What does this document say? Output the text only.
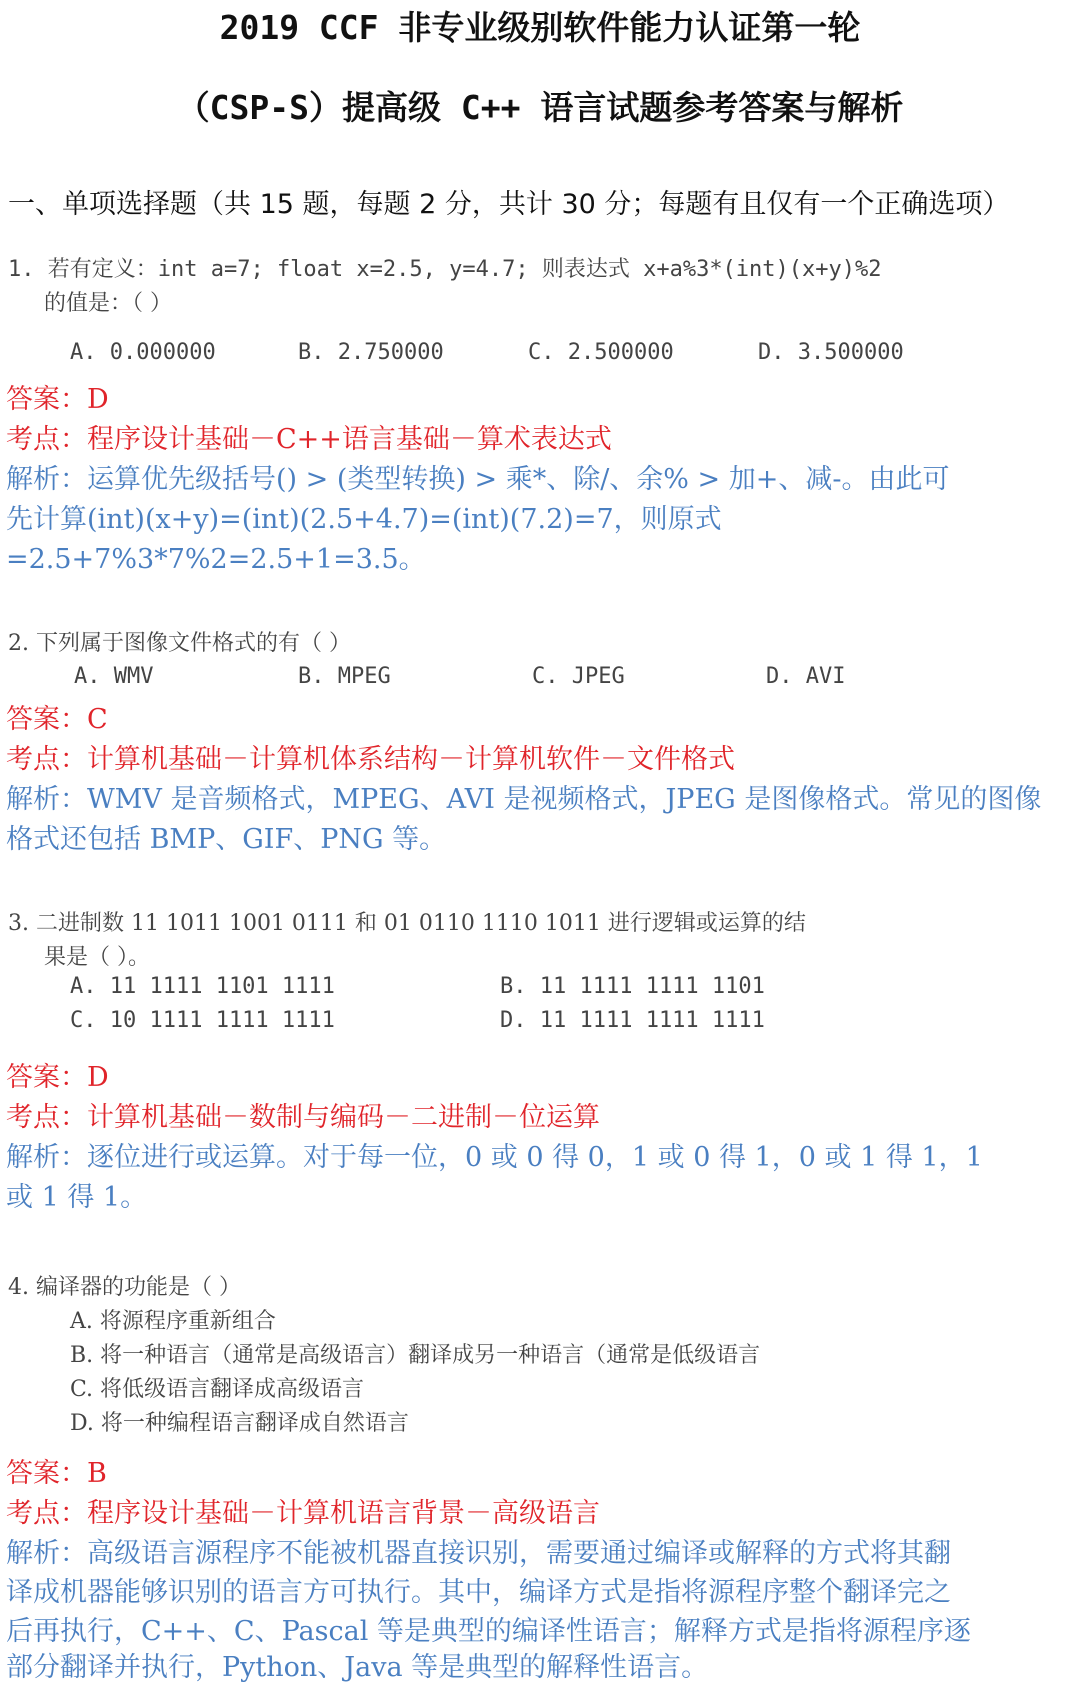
2019 CCF 非专业级别软件能力认证第一轮
（CSP-S）提高级 C++ 语言试题参考答案与解析
一、单项选择题（共 15 题，每题 2 分，共计 30 分；每题有且仅有一个正确选项）
1. 若有定义：int a=7; float x=2.5, y=4.7; 则表达式 x+a%3*(int)(x+y)%2
的值是：（ ）
A. 0.000000	B. 2.750000	C. 2.500000	D. 3.500000
答案：D
考点：程序设计基础－C++语言基础－算术表达式
解析：运算优先级括号() > (类型转换) > 乘*、除/、余% > 加+、减-。由此可
先计算(int)(x+y)=(int)(2.5+4.7)=(int)(7.2)=7，则原式
=2.5+7%3*7%2=2.5+1=3.5。
2. 下列属于图像文件格式的有（ ）
A. WMV	B. MPEG	C. JPEG	D. AVI
答案：C
考点：计算机基础－计算机体系结构－计算机软件－文件格式
解析：WMV 是音频格式，MPEG、AVI 是视频格式，JPEG 是图像格式。常见的图像
格式还包括 BMP、GIF、PNG 等。
3. 二进制数 11 1011 1001 0111 和 01 0110 1110 1011 进行逻辑或运算的结
果是（ ）。
A. 11 1111 1101 1111	B. 11 1111 1111 1101
C. 10 1111 1111 1111	D. 11 1111 1111 1111
答案：D
考点：计算机基础－数制与编码－二进制－位运算
解析：逐位进行或运算。对于每一位，0 或 0 得 0，1 或 0 得 1，0 或 1 得 1，1
或 1 得 1。
4. 编译器的功能是（ ）
A. 将源程序重新组合
B. 将一种语言（通常是高级语言）翻译成另一种语言（通常是低级语言
C. 将低级语言翻译成高级语言
D. 将一种编程语言翻译成自然语言
答案：B
考点：程序设计基础－计算机语言背景－高级语言
解析：高级语言源程序不能被机器直接识别，需要通过编译或解释的方式将其翻
译成机器能够识别的语言方可执行。其中，编译方式是指将源程序整个翻译完之
后再执行，C++、C、Pascal 等是典型的编译性语言；解释方式是指将源程序逐
部分翻译并执行，Python、Java 等是典型的解释性语言。
